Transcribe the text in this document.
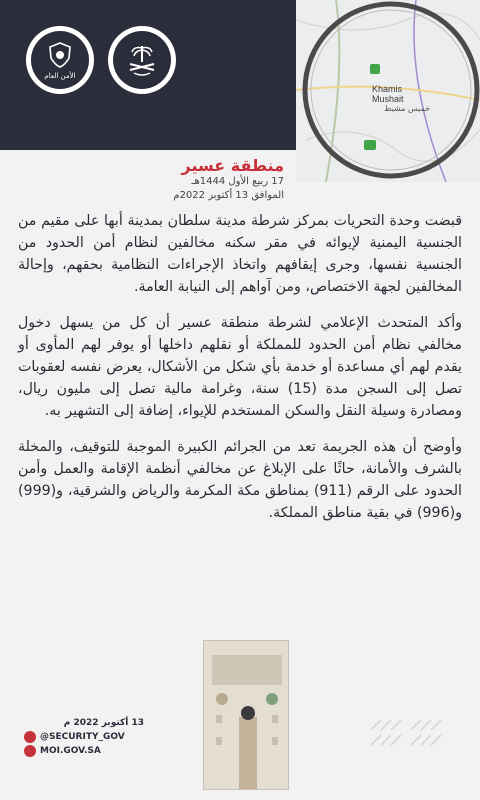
الأمن العام
Khamis Mushait
خميس مشيط
منطقة عسير
17 ربيع الأول 1444هـ
الموافق 13 أكتوبر 2022م

قبضت وحدة التحريات بمركز شرطة مدينة سلطان بمدينة أبها على مقيم من الجنسية اليمنية لإيوائه في مقر سكنه مخالفين لنظام أمن الحدود من الجنسية نفسها، وجرى إيقافهم واتخاذ الإجراءات النظامية بحقهم، وإحالة المخالفين لجهة الاختصاص، ومن آواهم إلى النيابة العامة.

وأكد المتحدث الإعلامي لشرطة منطقة عسير أن كل من يسهل دخول مخالفي نظام أمن الحدود للمملكة أو نقلهم داخلها أو يوفر لهم المأوى أو يقدم لهم أي مساعدة أو خدمة بأي شكل من الأشكال، يعرض نفسه لعقوبات تصل إلى السجن مدة (15) سنة، وغرامة مالية تصل إلى مليون ريال، ومصادرة وسيلة النقل والسكن المستخدم للإيواء، إضافة إلى التشهير به.

وأوضح أن هذه الجريمة تعد من الجرائم الكبيرة الموجبة للتوقيف، والمخلة بالشرف والأمانة، حاثًا على الإبلاغ عن مخالفي أنظمة الإقامة والعمل وأمن الحدود على الرقم (911) بمناطق مكة المكرمة والرياض والشرقية، و(999) و(996) في بقية مناطق المملكة.

13 أكتوبر 2022 م
@SECURITY_GOV
MOI.GOV.SA
